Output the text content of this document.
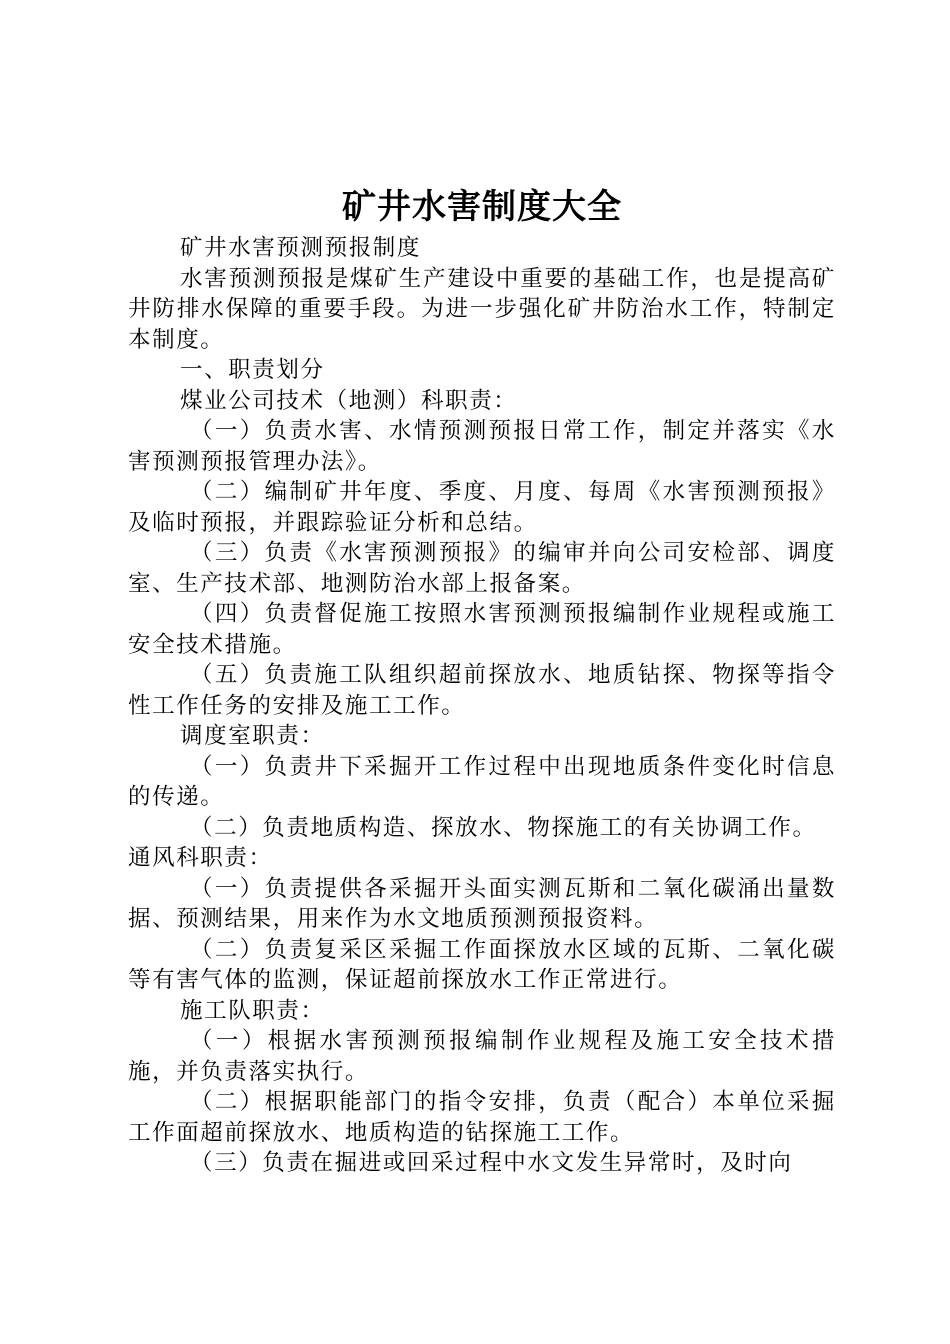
矿井水害制度大全

矿井水害预测预报制度

水害预测预报是煤矿生产建设中重要的基础工作，也是提高矿井防排水保障的重要手段。为进一步强化矿井防治水工作，特制定本制度。

一、职责划分

煤业公司技术（地测）科职责：

（一）负责水害、水情预测预报日常工作，制定并落实《水害预测预报管理办法》。

（二）编制矿井年度、季度、月度、每周《水害预测预报》及临时预报，并跟踪验证分析和总结。

（三）负责《水害预测预报》的编审并向公司安检部、调度室、生产技术部、地测防治水部上报备案。

（四）负责督促施工按照水害预测预报编制作业规程或施工安全技术措施。

（五）负责施工队组织超前探放水、地质钻探、物探等指令性工作任务的安排及施工工作。

调度室职责：

（一）负责井下采掘开工作过程中出现地质条件变化时信息的传递。

（二）负责地质构造、探放水、物探施工的有关协调工作。

通风科职责：

（一）负责提供各采掘开头面实测瓦斯和二氧化碳涌出量数据、预测结果，用来作为水文地质预测预报资料。

（二）负责复采区采掘工作面探放水区域的瓦斯、二氧化碳等有害气体的监测，保证超前探放水工作正常进行。

施工队职责：

（一）根据水害预测预报编制作业规程及施工安全技术措施，并负责落实执行。

（二）根据职能部门的指令安排，负责（配合）本单位采掘工作面超前探放水、地质构造的钻探施工工作。

（三）负责在掘进或回采过程中水文发生异常时，及时向
